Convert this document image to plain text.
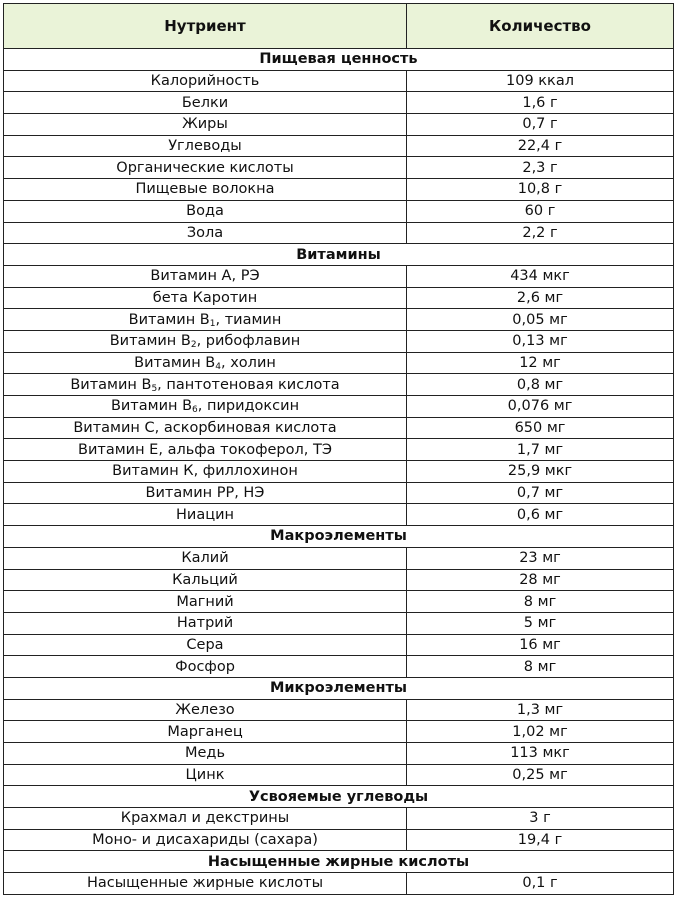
Нутриент	Количество
Пищевая ценность	
Калорийность	109 ккал
Белки	1,6 г
Жиры	0,7 г
Углеводы	22,4 г
Органические кислоты	2,3 г
Пищевые волокна	10,8 г
Вода	60 г
Зола	2,2 г
Витамины	
Витамин А, РЭ	434 мкг
бета Каротин	2,6 мг
Витамин $В_1$, тиамин	0,05 мг
Витамин $В_2$, рибофлавин	0,13 мг
Витамин $В_4$, холин	12 мг
Витамин $В_5$, пантотеновая кислота	0,8 мг
Витамин $В_6$, пиридоксин	0,076 мг
Витамин С, аскорбиновая кислота	650 мг
Витамин Е, альфа токоферол, ТЭ	1,7 мг
Витамин К, филлохинон	25,9 мкг
Витамин РР, НЭ	0,7 мг
Ниацин	0,6 мг
Макроэлементы	
Калий	23 мг
Кальций	28 мг
Магний	8 мг
Натрий	5 мг
Сера	16 мг
Фосфор	8 мг
Микроэлементы	
Железо	1,3 мг
Марганец	1,02 мг
Медь	113 мкг
Цинк	0,25 мг
Усвояемые углеводы	
Крахмал и декстрины	3 г
Моно- и дисахариды (сахара)	19,4 г
Насыщенные жирные кислоты	
Насыщенные жирные кислоты	0,1 г
